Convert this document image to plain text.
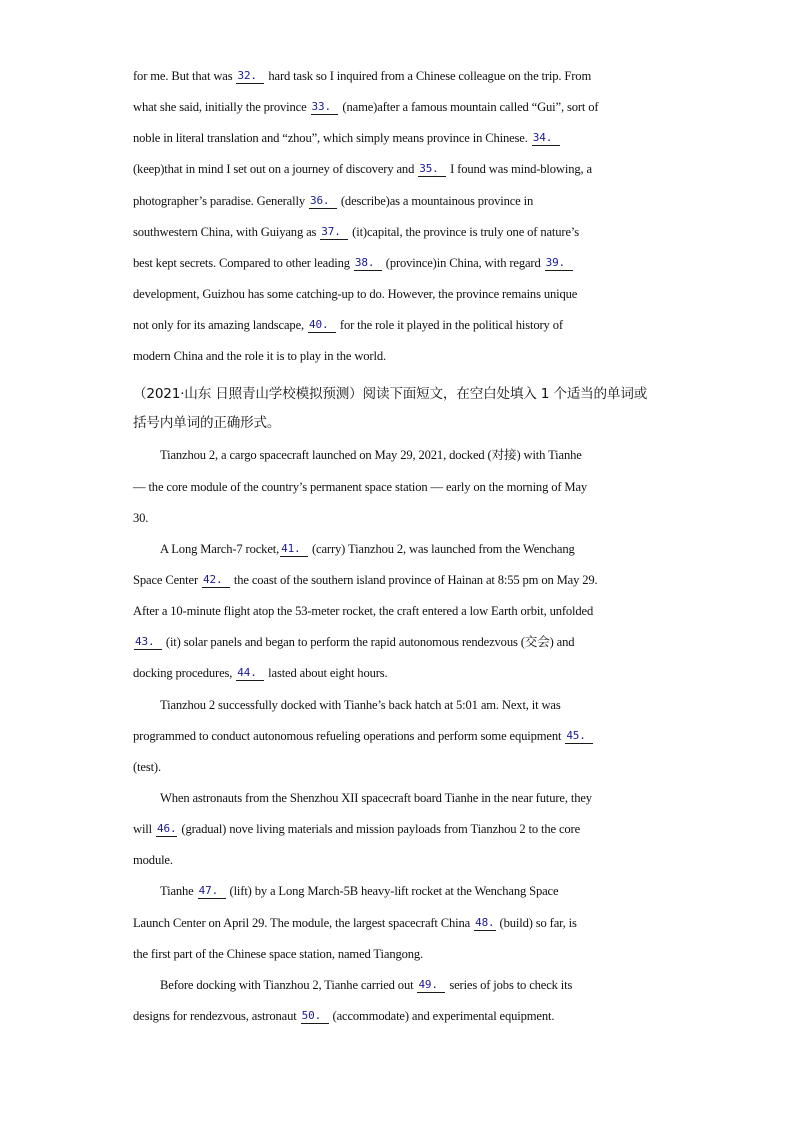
for me. But that was 32.  hard task so I inquired from a Chinese colleague on the trip. From
what she said, initially the province 33.  (name)after a famous mountain called “Gui”, sort of
noble in literal translation and “zhou”, which simply means province in Chinese. 34.
(keep)that in mind I set out on a journey of discovery and 35.  I found was mind-blowing, a
photographer’s paradise. Generally 36.  (describe)as a mountainous province in
southwestern China, with Guiyang as 37.  (it)capital, the province is truly one of nature’s
best kept secrets. Compared to other leading 38.  (province)in China, with regard 39.
development, Guizhou has some catching-up to do. However, the province remains unique
not only for its amazing landscape, 40.  for the role it played in the political history of
modern China and the role it is to play in the world.
（2021·山东 日照青山学校模拟预测）阅读下面短文，在空白处填入 1 个适当的单词或
括号内单词的正确形式。
Tianzhou 2, a cargo spacecraft launched on May 29, 2021, docked (对接) with Tianhe
— the core module of the country’s permanent space station — early on the morning of May
30.
A Long March-7 rocket, 41.  (carry) Tianzhou 2, was launched from the Wenchang
Space Center 42.  the coast of the southern island province of Hainan at 8:55 pm on May 29.
After a 10-minute flight atop the 53-meter rocket, the craft entered a low Earth orbit, unfolded
43.  (it) solar panels and began to perform the rapid autonomous rendezvous (交会) and
docking procedures, 44.  lasted about eight hours.
Tianzhou 2 successfully docked with Tianhe’s back hatch at 5:01 am. Next, it was
programmed to conduct autonomous refueling operations and perform some equipment 45.
(test).
When astronauts from the Shenzhou XII spacecraft board Tianhe in the near future, they
will 46. (gradual) nove living materials and mission payloads from Tianzhou 2 to the core
module.
Tianhe 47.  (lift) by a Long March-5B heavy-lift rocket at the Wenchang Space
Launch Center on April 29. The module, the largest spacecraft China 48. (build) so far, is
the first part of the Chinese space station, named Tiangong.
Before docking with Tianzhou 2, Tianhe carried out 49.  series of jobs to check its
designs for rendezvous, astronaut 50.  (accommodate) and experimental equipment.
